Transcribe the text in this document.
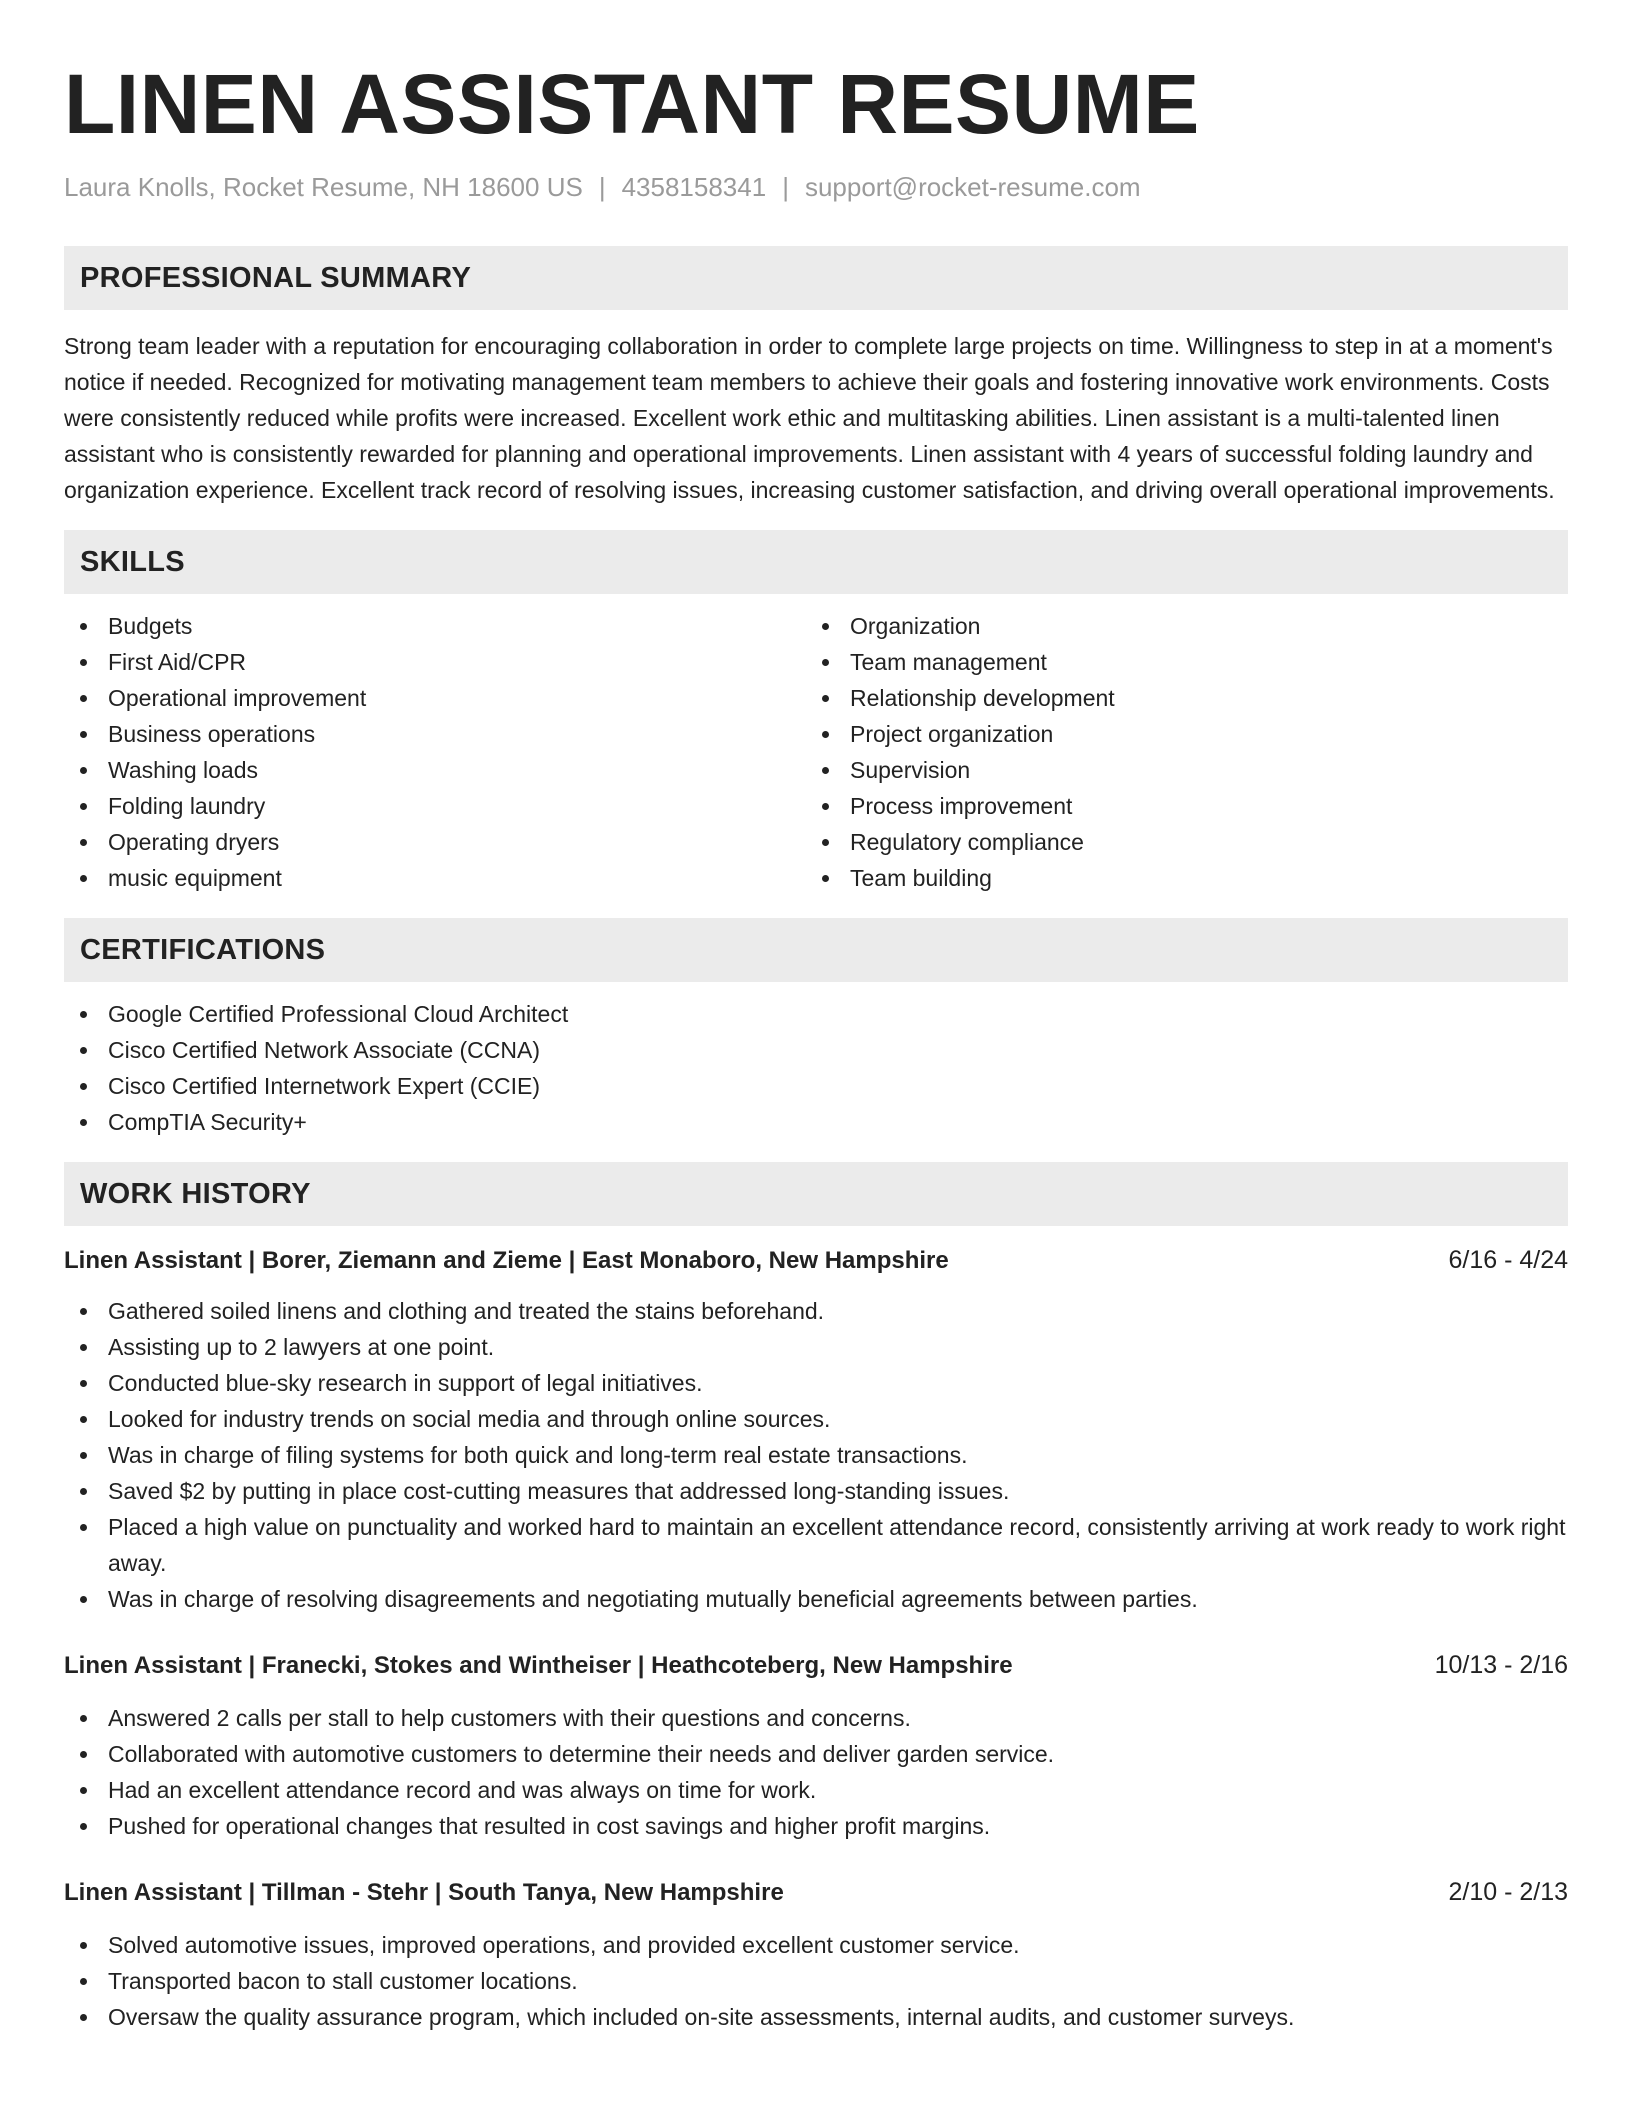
LINEN ASSISTANT RESUME
Laura Knolls, Rocket Resume, NH 18600 US | 4358158341 | support@rocket-resume.com
PROFESSIONAL SUMMARY

Strong team leader with a reputation for encouraging collaboration in order to complete large projects on time. Willingness to step in at a moment's notice if needed. Recognized for motivating management team members to achieve their goals and fostering innovative work environments. Costs were consistently reduced while profits were increased. Excellent work ethic and multitasking abilities. Linen assistant is a multi-talented linen assistant who is consistently rewarded for planning and operational improvements. Linen assistant with 4 years of successful folding laundry and organization experience. Excellent track record of resolving issues, increasing customer satisfaction, and driving overall operational improvements.

SKILLS
Budgets
First Aid/CPR
Operational improvement
Business operations
Washing loads
Folding laundry
Operating dryers
music equipment
Organization
Team management
Relationship development
Project organization
Supervision
Process improvement
Regulatory compliance
Team building
CERTIFICATIONS
Google Certified Professional Cloud Architect
Cisco Certified Network Associate (CCNA)
Cisco Certified Internetwork Expert (CCIE)
CompTIA Security+
WORK HISTORY
Linen Assistant | Borer, Ziemann and Zieme | East Monaboro, New Hampshire	6/16 - 4/24
Gathered soiled linens and clothing and treated the stains beforehand.
Assisting up to 2 lawyers at one point.
Conducted blue-sky research in support of legal initiatives.
Looked for industry trends on social media and through online sources.
Was in charge of filing systems for both quick and long-term real estate transactions.
Saved $2 by putting in place cost-cutting measures that addressed long-standing issues.
Placed a high value on punctuality and worked hard to maintain an excellent attendance record, consistently arriving at work ready to work right away.
Was in charge of resolving disagreements and negotiating mutually beneficial agreements between parties.
Linen Assistant | Franecki, Stokes and Wintheiser | Heathcoteberg, New Hampshire	10/13 - 2/16
Answered 2 calls per stall to help customers with their questions and concerns.
Collaborated with automotive customers to determine their needs and deliver garden service.
Had an excellent attendance record and was always on time for work.
Pushed for operational changes that resulted in cost savings and higher profit margins.
Linen Assistant | Tillman - Stehr | South Tanya, New Hampshire	2/10 - 2/13
Solved automotive issues, improved operations, and provided excellent customer service.
Transported bacon to stall customer locations.
Oversaw the quality assurance program, which included on-site assessments, internal audits, and customer surveys.
